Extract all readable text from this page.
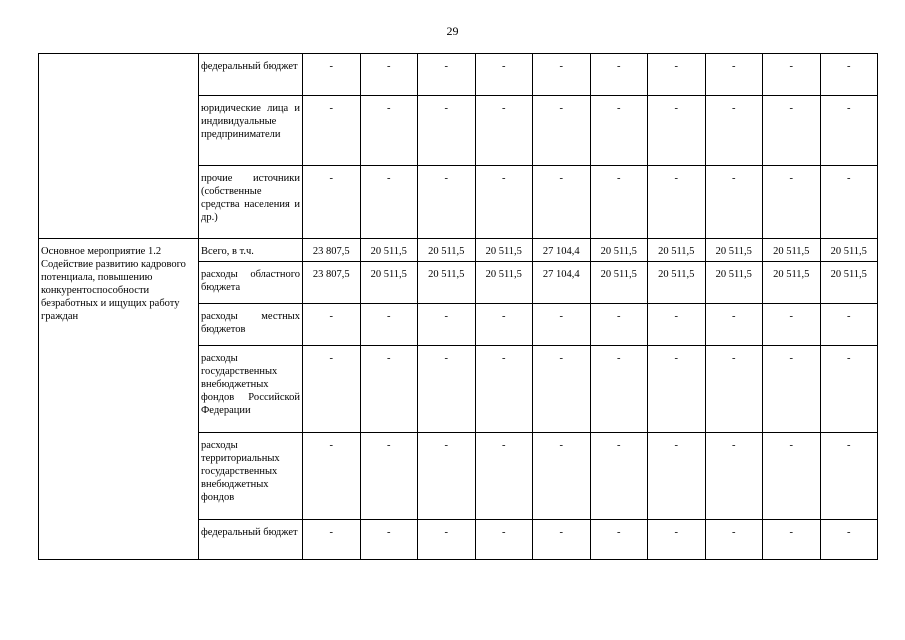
29
	федеральный бюджет	-	-	-	-	-	-	-	-	-	-
	юридические лица и индивидуальные предприниматели	-	-	-	-	-	-	-	-	-	-
	прочие источники (собственные средства населения и др.)	-	-	-	-	-	-	-	-	-	-
Основное мероприятие 1.2 Содействие развитию кадрового потенциала, повышению конкурентоспособности безработных и ищущих работу граждан	Всего, в т.ч.	23 807,5	20 511,5	20 511,5	20 511,5	27 104,4	20 511,5	20 511,5	20 511,5	20 511,5	20 511,5
	расходы областного бюджета	23 807,5	20 511,5	20 511,5	20 511,5	27 104,4	20 511,5	20 511,5	20 511,5	20 511,5	20 511,5
	расходы местных бюджетов	-	-	-	-	-	-	-	-	-	-
	расходы государственных внебюджетных фондов Российской Федерации	-	-	-	-	-	-	-	-	-	-
	расходы территориальных государственных внебюджетных фондов	-	-	-	-	-	-	-	-	-	-
	федеральный бюджет	-	-	-	-	-	-	-	-	-	-
